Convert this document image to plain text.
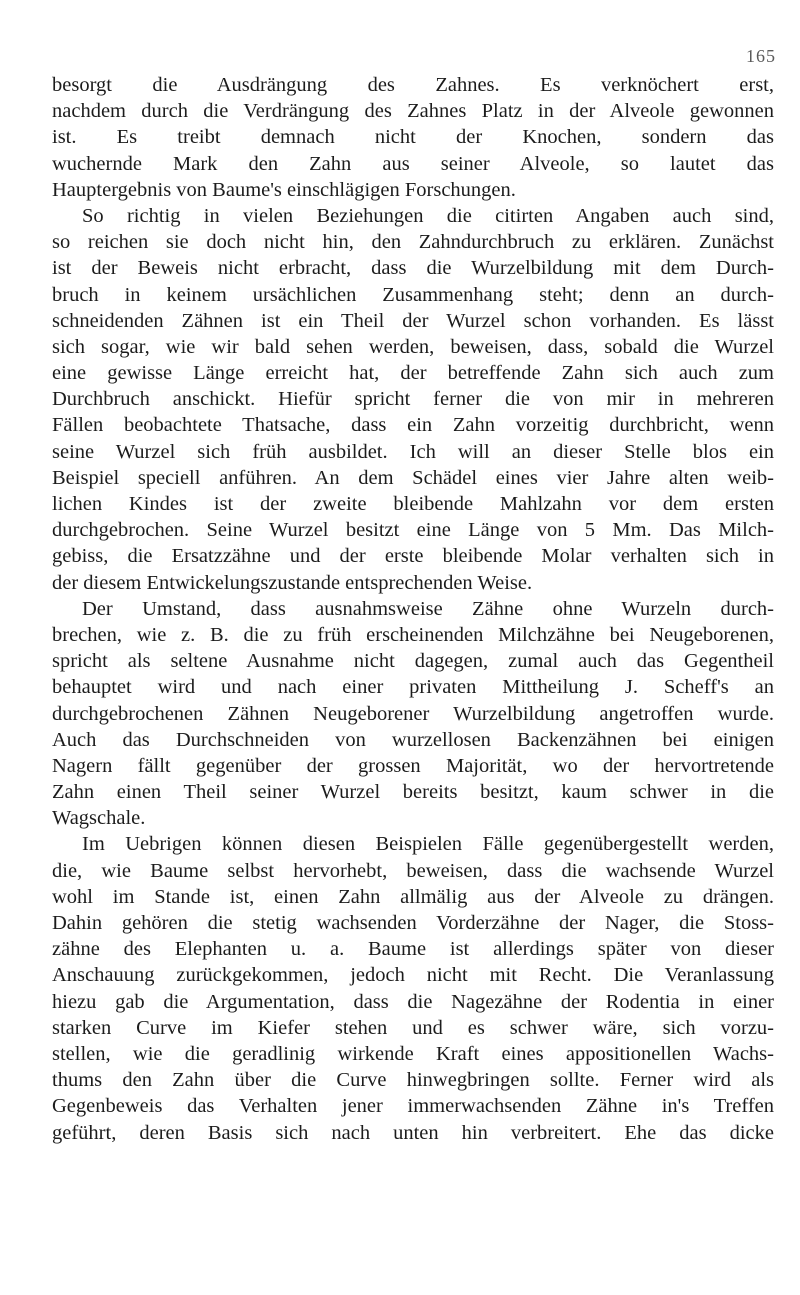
165
besorgt die Ausdrängung des Zahnes. Es verknöchert erst,
nachdem durch die Verdrängung des Zahnes Platz in der Alveole gewonnen
ist. Es treibt demnach nicht der Knochen, sondern das
wuchernde Mark den Zahn aus seiner Alveole, so lautet das
Hauptergebnis von Baume's einschlägigen Forschungen.
So richtig in vielen Beziehungen die citirten Angaben auch sind,
so reichen sie doch nicht hin, den Zahndurchbruch zu erklären. Zunächst
ist der Beweis nicht erbracht, dass die Wurzelbildung mit dem Durch-
bruch in keinem ursächlichen Zusammenhang steht; denn an durch-
schneidenden Zähnen ist ein Theil der Wurzel schon vorhanden. Es lässt
sich sogar, wie wir bald sehen werden, beweisen, dass, sobald die Wurzel
eine gewisse Länge erreicht hat, der betreffende Zahn sich auch zum
Durchbruch anschickt. Hiefür spricht ferner die von mir in mehreren
Fällen beobachtete Thatsache, dass ein Zahn vorzeitig durchbricht, wenn
seine Wurzel sich früh ausbildet. Ich will an dieser Stelle blos ein
Beispiel speciell anführen. An dem Schädel eines vier Jahre alten weib-
lichen Kindes ist der zweite bleibende Mahlzahn vor dem ersten
durchgebrochen. Seine Wurzel besitzt eine Länge von 5 Mm. Das Milch-
gebiss, die Ersatzzähne und der erste bleibende Molar verhalten sich in
der diesem Entwickelungszustande entsprechenden Weise.
Der Umstand, dass ausnahmsweise Zähne ohne Wurzeln durch-
brechen, wie z. B. die zu früh erscheinenden Milchzähne bei Neugeborenen,
spricht als seltene Ausnahme nicht dagegen, zumal auch das Gegentheil
behauptet wird und nach einer privaten Mittheilung J. Scheff's an
durchgebrochenen Zähnen Neugeborener Wurzelbildung angetroffen wurde.
Auch das Durchschneiden von wurzellosen Backenzähnen bei einigen
Nagern fällt gegenüber der grossen Majorität, wo der hervortretende
Zahn einen Theil seiner Wurzel bereits besitzt, kaum schwer in die
Wagschale.
Im Uebrigen können diesen Beispielen Fälle gegenübergestellt werden,
die, wie Baume selbst hervorhebt, beweisen, dass die wachsende Wurzel
wohl im Stande ist, einen Zahn allmälig aus der Alveole zu drängen.
Dahin gehören die stetig wachsenden Vorderzähne der Nager, die Stoss-
zähne des Elephanten u. a. Baume ist allerdings später von dieser
Anschauung zurückgekommen, jedoch nicht mit Recht. Die Veranlassung
hiezu gab die Argumentation, dass die Nagezähne der Rodentia in einer
starken Curve im Kiefer stehen und es schwer wäre, sich vorzu-
stellen, wie die geradlinig wirkende Kraft eines appositionellen Wachs-
thums den Zahn über die Curve hinwegbringen sollte. Ferner wird als
Gegenbeweis das Verhalten jener immerwachsenden Zähne in's Treffen
geführt, deren Basis sich nach unten hin verbreitert. Ehe das dicke
